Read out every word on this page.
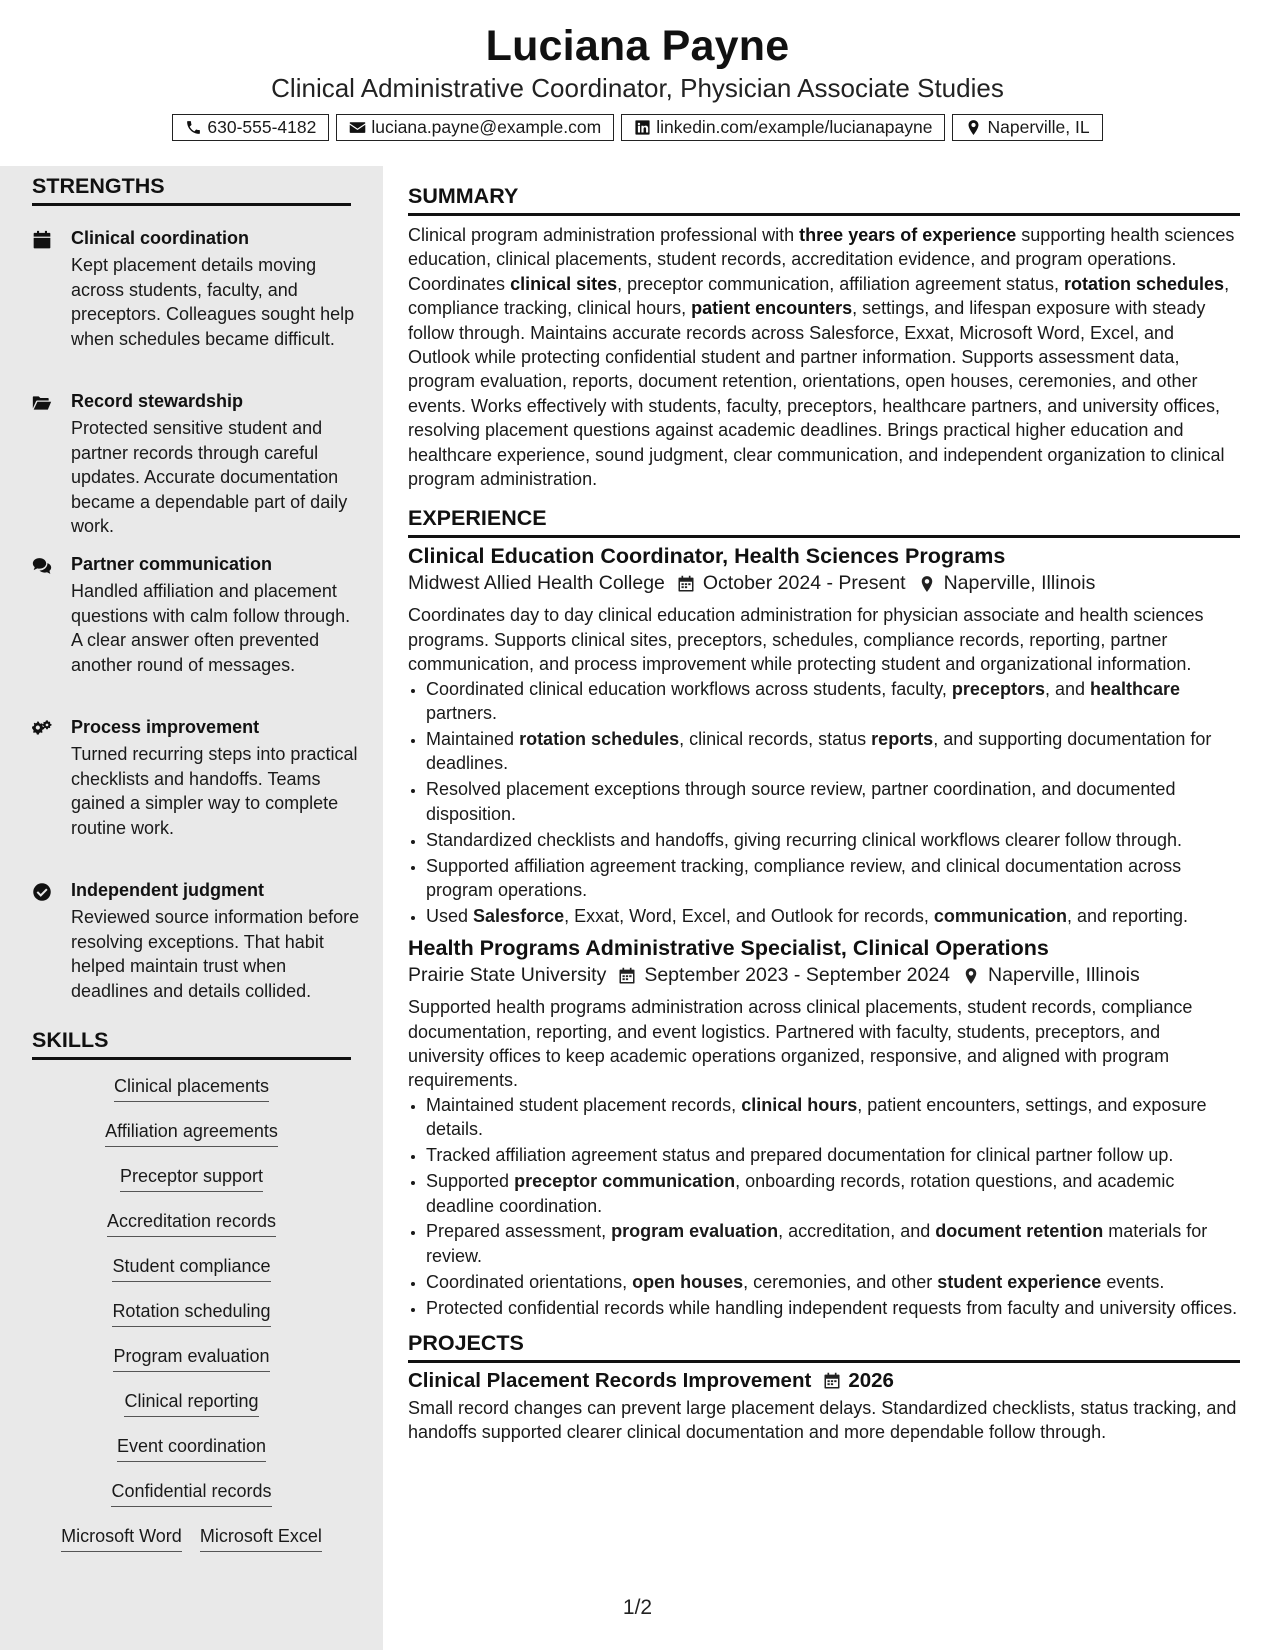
Luciana Payne
Clinical Administrative Coordinator, Physician Associate Studies
630-555-4182	luciana.payne@example.com	linkedin.com/example/lucianapayne	Naperville, IL
STRENGTHS
Clinical coordination
Kept placement details moving across students, faculty, and preceptors. Colleagues sought help when schedules became difficult.
Record stewardship
Protected sensitive student and partner records through careful updates. Accurate documentation became a dependable part of daily work.
Partner communication
Handled affiliation and placement questions with calm follow through. A clear answer often prevented another round of messages.
Process improvement
Turned recurring steps into practical checklists and handoffs. Teams gained a simpler way to complete routine work.
Independent judgment
Reviewed source information before resolving exceptions. That habit helped maintain trust when deadlines and details collided.
SKILLS
Clinical placements
Affiliation agreements
Preceptor support
Accreditation records
Student compliance
Rotation scheduling
Program evaluation
Clinical reporting
Event coordination
Confidential records
Microsoft Word Microsoft Excel
SUMMARY
Clinical program administration professional with three years of experience supporting health sciences education, clinical placements, student records, accreditation evidence, and program operations. Coordinates clinical sites, preceptor communication, affiliation agreement status, rotation schedules, compliance tracking, clinical hours, patient encounters, settings, and lifespan exposure with steady follow through. Maintains accurate records across Salesforce, Exxat, Microsoft Word, Excel, and Outlook while protecting confidential student and partner information. Supports assessment data, program evaluation, reports, document retention, orientations, open houses, ceremonies, and other events. Works effectively with students, faculty, preceptors, healthcare partners, and university offices, resolving placement questions against academic deadlines. Brings practical higher education and healthcare experience, sound judgment, clear communication, and independent organization to clinical program administration.
EXPERIENCE
Clinical Education Coordinator, Health Sciences Programs
Midwest Allied Health College October 2024 - Present Naperville, Illinois
Coordinates day to day clinical education administration for physician associate and health sciences programs. Supports clinical sites, preceptors, schedules, compliance records, reporting, partner communication, and process improvement while protecting student and organizational information.
• Coordinated clinical education workflows across students, faculty, preceptors, and healthcare partners.
• Maintained rotation schedules, clinical records, status reports, and supporting documentation for deadlines.
• Resolved placement exceptions through source review, partner coordination, and documented disposition.
• Standardized checklists and handoffs, giving recurring clinical workflows clearer follow through.
• Supported affiliation agreement tracking, compliance review, and clinical documentation across program operations.
• Used Salesforce, Exxat, Word, Excel, and Outlook for records, communication, and reporting.
Health Programs Administrative Specialist, Clinical Operations
Prairie State University September 2023 - September 2024 Naperville, Illinois
Supported health programs administration across clinical placements, student records, compliance documentation, reporting, and event logistics. Partnered with faculty, students, preceptors, and university offices to keep academic operations organized, responsive, and aligned with program requirements.
• Maintained student placement records, clinical hours, patient encounters, settings, and exposure details.
• Tracked affiliation agreement status and prepared documentation for clinical partner follow up.
• Supported preceptor communication, onboarding records, rotation questions, and academic deadline coordination.
• Prepared assessment, program evaluation, accreditation, and document retention materials for review.
• Coordinated orientations, open houses, ceremonies, and other student experience events.
• Protected confidential records while handling independent requests from faculty and university offices.
PROJECTS
Clinical Placement Records Improvement 2026
Small record changes can prevent large placement delays. Standardized checklists, status tracking, and handoffs supported clearer clinical documentation and more dependable follow through.
1/2
